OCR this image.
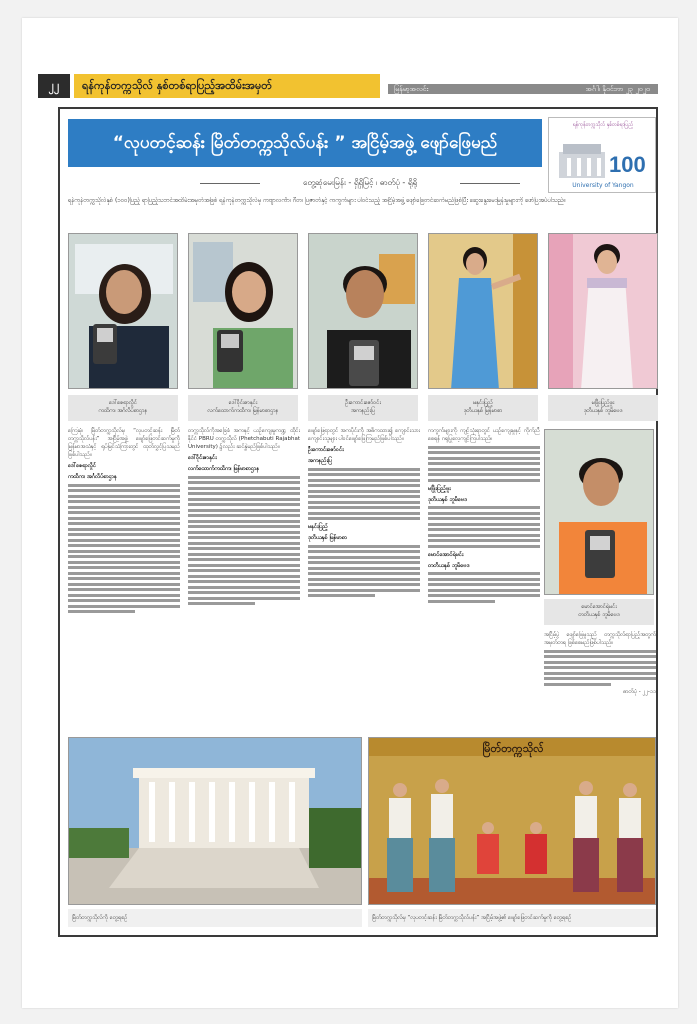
၂၂	ရန်ကုန်တက္ကသိုလ် နှစ်တစ်ရာပြည့်အထိမ်းအမှတ်	မြန်မာ့အလင်း	အင်္ဂါ၊ နိုဝင်ဘာ ၂၃ ၂၀၂၀
“လုပတင့်ဆန်း မြိတ်တက္ကသိုလ်ပန်း ” အငြိမ့်အဖွဲ့ ဖျော်ဖြေမည်
ရန်ကုန်တက္ကသိုလ် နှစ်တစ်ရာပြည့်
100
University of Yangon
တွေ့ဆုံမေးမြန်း - ရှိရှိမြင့် ၊ ဓာတ်ပုံ - ရိုရို
ရန်ကုန်တက္ကသိုလ်နှစ် (၁၀၀)ပြည့် ရာပြည့်သဘင်အထိမ်းအမှတ်အဖြစ် ရန်ကုန်တက္ကသိုလ်မှ ကဗျာလင်္ကာ၊ ဂီတ၊ ပြဇာတ်နှင့် ကကွက်များ ပါဝင်သည့် အငြိမ့်အဖွဲ့ ဖျော်ဖြေတင်ဆက်မည်ဖြစ်ပြီး ဆွေးနွေးမေးမြန်းမှုများကို ဖော်ပြအပ်ပါသည်။
ဒေါ်ဇေရာလှိုင်
ကထိက၊ အင်္ဂလိပ်စာဌာန
ဒေါ်ဝိုင်းဇာနှင်း
လက်ထောက်ကထိက၊ မြန်မာစာဌာန
ဦးကောင်းဇော်ဝင်း
အကနည်းပြ
မနှင်းပြည့်
ဒုတိယနှစ် မြန်မာစာ
မဖြိုးပြည့်ဖူး
ဒုတိယနှစ် ဘူမိဗေဒ
ကြေးမုံ၊ မြိတ်တက္ကသိုလ်မှ “လုပတင့်ဆန်း မြိတ်တက္ကသိုလ်ပန်း” အငြိမ့်အဖွဲ့ ဖျော်ဖြေတင်ဆက်မှုကို မြန်မာအသံနှင့် ရုပ်မြင်သံကြားတွင် ထုတ်လွှင့်ပြသမည်ဖြစ်ပါသည်။
ဒေါ်ဇေရာလှိုင်
ကထိက၊ အင်္ဂလိပ်စာဌာန
တက္ကသိုလ်ကိုအခြေခံ အကနှင့် ယဉ်ကျေးမှုကဏ္ဍ ထိုင်းနိုင်ငံ PBRU တက္ကသိုလ် (Phetchabuti Rajabhat University) ၌လည်း ဆင်နွှဲမည်ဖြစ်ပါသည်။
ဒေါ်ဝိုင်းဇာနှင်း
လက်ထောက်ကထိက၊ မြန်မာစာဌာန
ဖျော်ဖြေရာတွင် အကပိုင်းကို အဓိကထား၍ ကျောင်းသားကျောင်းသူများ ပါဝင်ဖျော်ဖြေကြမည်ဖြစ်ပါသည်။
ဦးကောင်းဇော်ဝင်း
အကနည်းပြ
မနှင်းပြည့်
ဒုတိယနှစ် မြန်မာစာ
ကကွက်များကို ကျင့်သုံးရာတွင် ယဉ်ကျေးမှုနှင့် ကိုက်ညီစေရန် ဂရုပြုလေ့ကျင့်ကြပါသည်။
မဖြိုးပြည့်ဖူး
ဒုတိယနှစ် ဘူမိဗေဒ
မောင်အောင်ရဲမင်း
တတိယနှစ် ဘူမိဗေဒ
မောင်အောင်ရဲမင်း
တတိယနှစ် ဘူမိဗေဒ
အငြိမ့်ပွဲ ဖျော်ဖြေမှုသည် တက္ကသိုလ်ရာပြည့်အတွက် အမှတ်တရ ဖြစ်စေမည်ဖြစ်ပါသည်။
ဓာတ်ပုံ - ၂၂-၁၁
မြိတ်တက္ကသိုလ်ကို တွေ့ရစဉ်
မြိတ်တက္ကသိုလ်
မြိတ်တက္ကသိုလ်မှ “လုပတင့်ဆန်း မြိတ်တက္ကသိုလ်ပန်း” အငြိမ့်အဖွဲ့၏ ဖျော်ဖြေတင်ဆက်မှုကို တွေ့ရစဉ်
